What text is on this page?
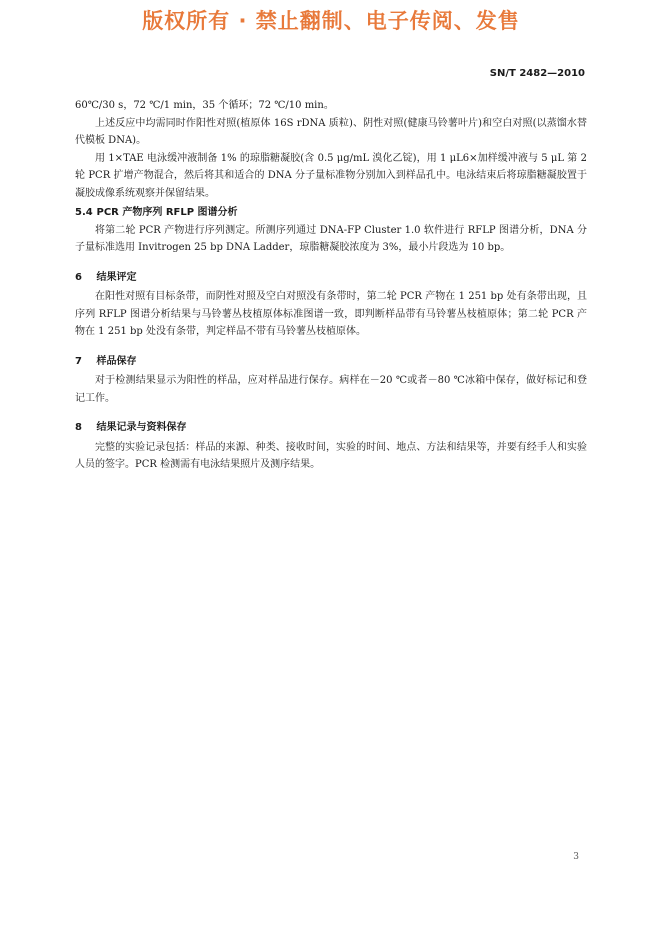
版权所有 · 禁止翻制、电子传阅、发售
SN/T 2482—2010

60℃/30 s，72 ℃/1 min，35 个循环；72 ℃/10 min。

上述反应中均需同时作阳性对照(植原体 16S rDNA 质粒)、阴性对照(健康马铃薯叶片)和空白对照(以蒸馏水替代模板 DNA)。

用 1×TAE 电泳缓冲液制备 1% 的琼脂糖凝胶(含 0.5 μg/mL 溴化乙锭)，用 1 μL6×加样缓冲液与 5 μL 第 2 轮 PCR 扩增产物混合，然后将其和适合的 DNA 分子量标准物分别加入到样品孔中。电泳结束后将琼脂糖凝胶置于凝胶成像系统观察并保留结果。

5.4 PCR 产物序列 RFLP 图谱分析

将第二轮 PCR 产物进行序列测定。所测序列通过 DNA-FP Cluster 1.0 软件进行 RFLP 图谱分析，DNA 分子量标准选用 Invitrogen 25 bp DNA Ladder，琼脂糖凝胶浓度为 3%，最小片段选为 10 bp。

6 结果评定

在阳性对照有目标条带，而阴性对照及空白对照没有条带时，第二轮 PCR 产物在 1 251 bp 处有条带出现，且序列 RFLP 图谱分析结果与马铃薯丛枝植原体标准图谱一致，即判断样品带有马铃薯丛枝植原体；第二轮 PCR 产物在 1 251 bp 处没有条带，判定样品不带有马铃薯丛枝植原体。

7 样品保存

对于检测结果显示为阳性的样品，应对样品进行保存。病样在－20 ℃或者－80 ℃冰箱中保存，做好标记和登记工作。

8 结果记录与资料保存

完整的实验记录包括：样品的来源、种类、接收时间，实验的时间、地点、方法和结果等，并要有经手人和实验人员的签字。PCR 检测需有电泳结果照片及测序结果。

3
